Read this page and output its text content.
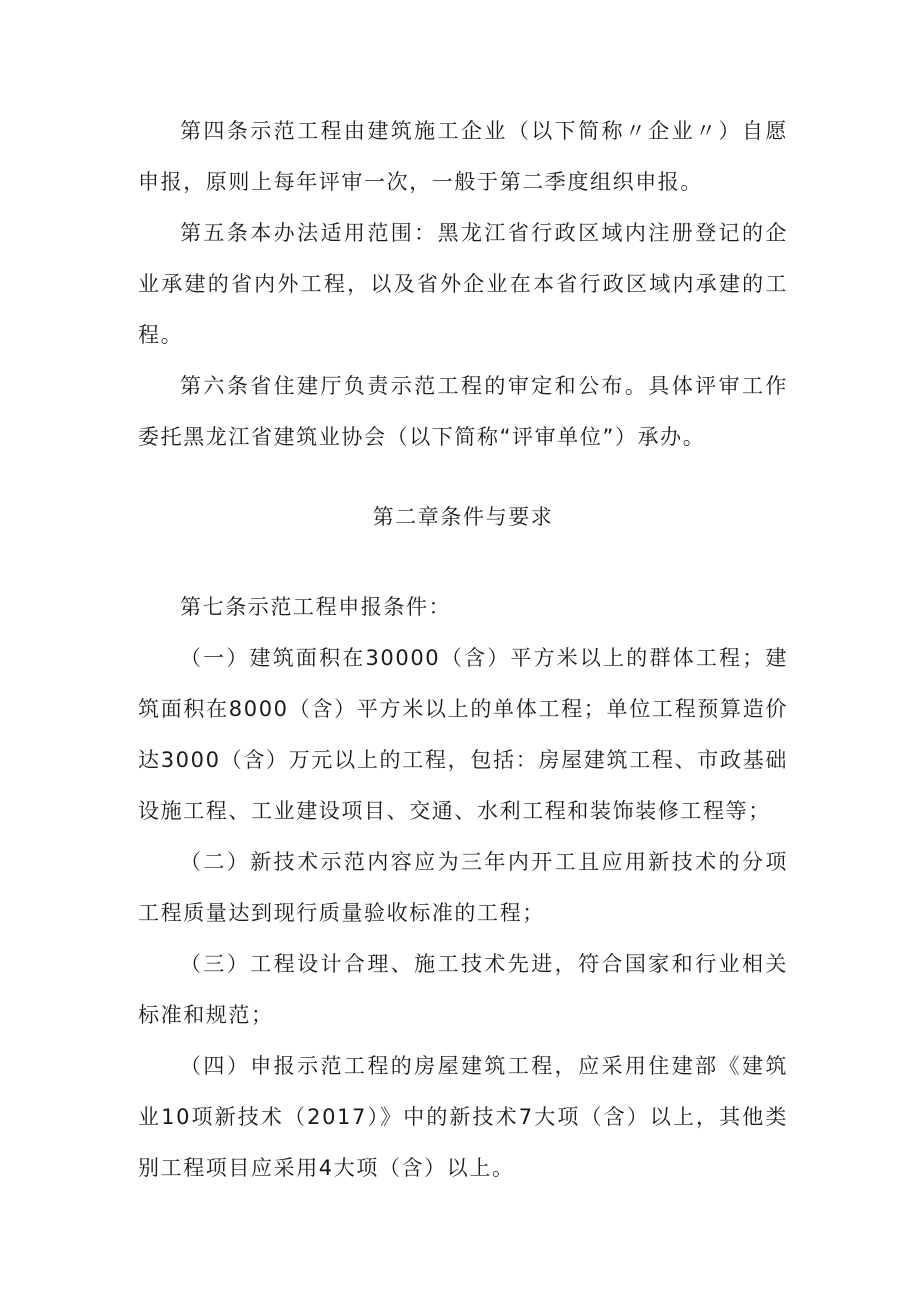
第四条示范工程由建筑施工企业（以下简称〃企业〃）自愿申报，原则上每年评审一次，一般于第二季度组织申报。

第五条本办法适用范围：黑龙江省行政区域内注册登记的企业承建的省内外工程，以及省外企业在本省行政区域内承建的工程。

第六条省住建厅负责示范工程的审定和公布。具体评审工作委托黑龙江省建筑业协会（以下简称“评审单位”）承办。

第二章条件与要求

第七条示范工程申报条件：

（一）建筑面积在30000（含）平方米以上的群体工程；建筑面积在8000（含）平方米以上的单体工程；单位工程预算造价达3000（含）万元以上的工程，包括：房屋建筑工程、市政基础设施工程、工业建设项目、交通、水利工程和装饰装修工程等；

（二）新技术示范内容应为三年内开工且应用新技术的分项工程质量达到现行质量验收标准的工程；

（三）工程设计合理、施工技术先进，符合国家和行业相关标准和规范；

（四）申报示范工程的房屋建筑工程，应采用住建部《建筑业10项新技术（2017）》中的新技术7大项（含）以上，其他类别工程项目应采用4大项（含）以上。
